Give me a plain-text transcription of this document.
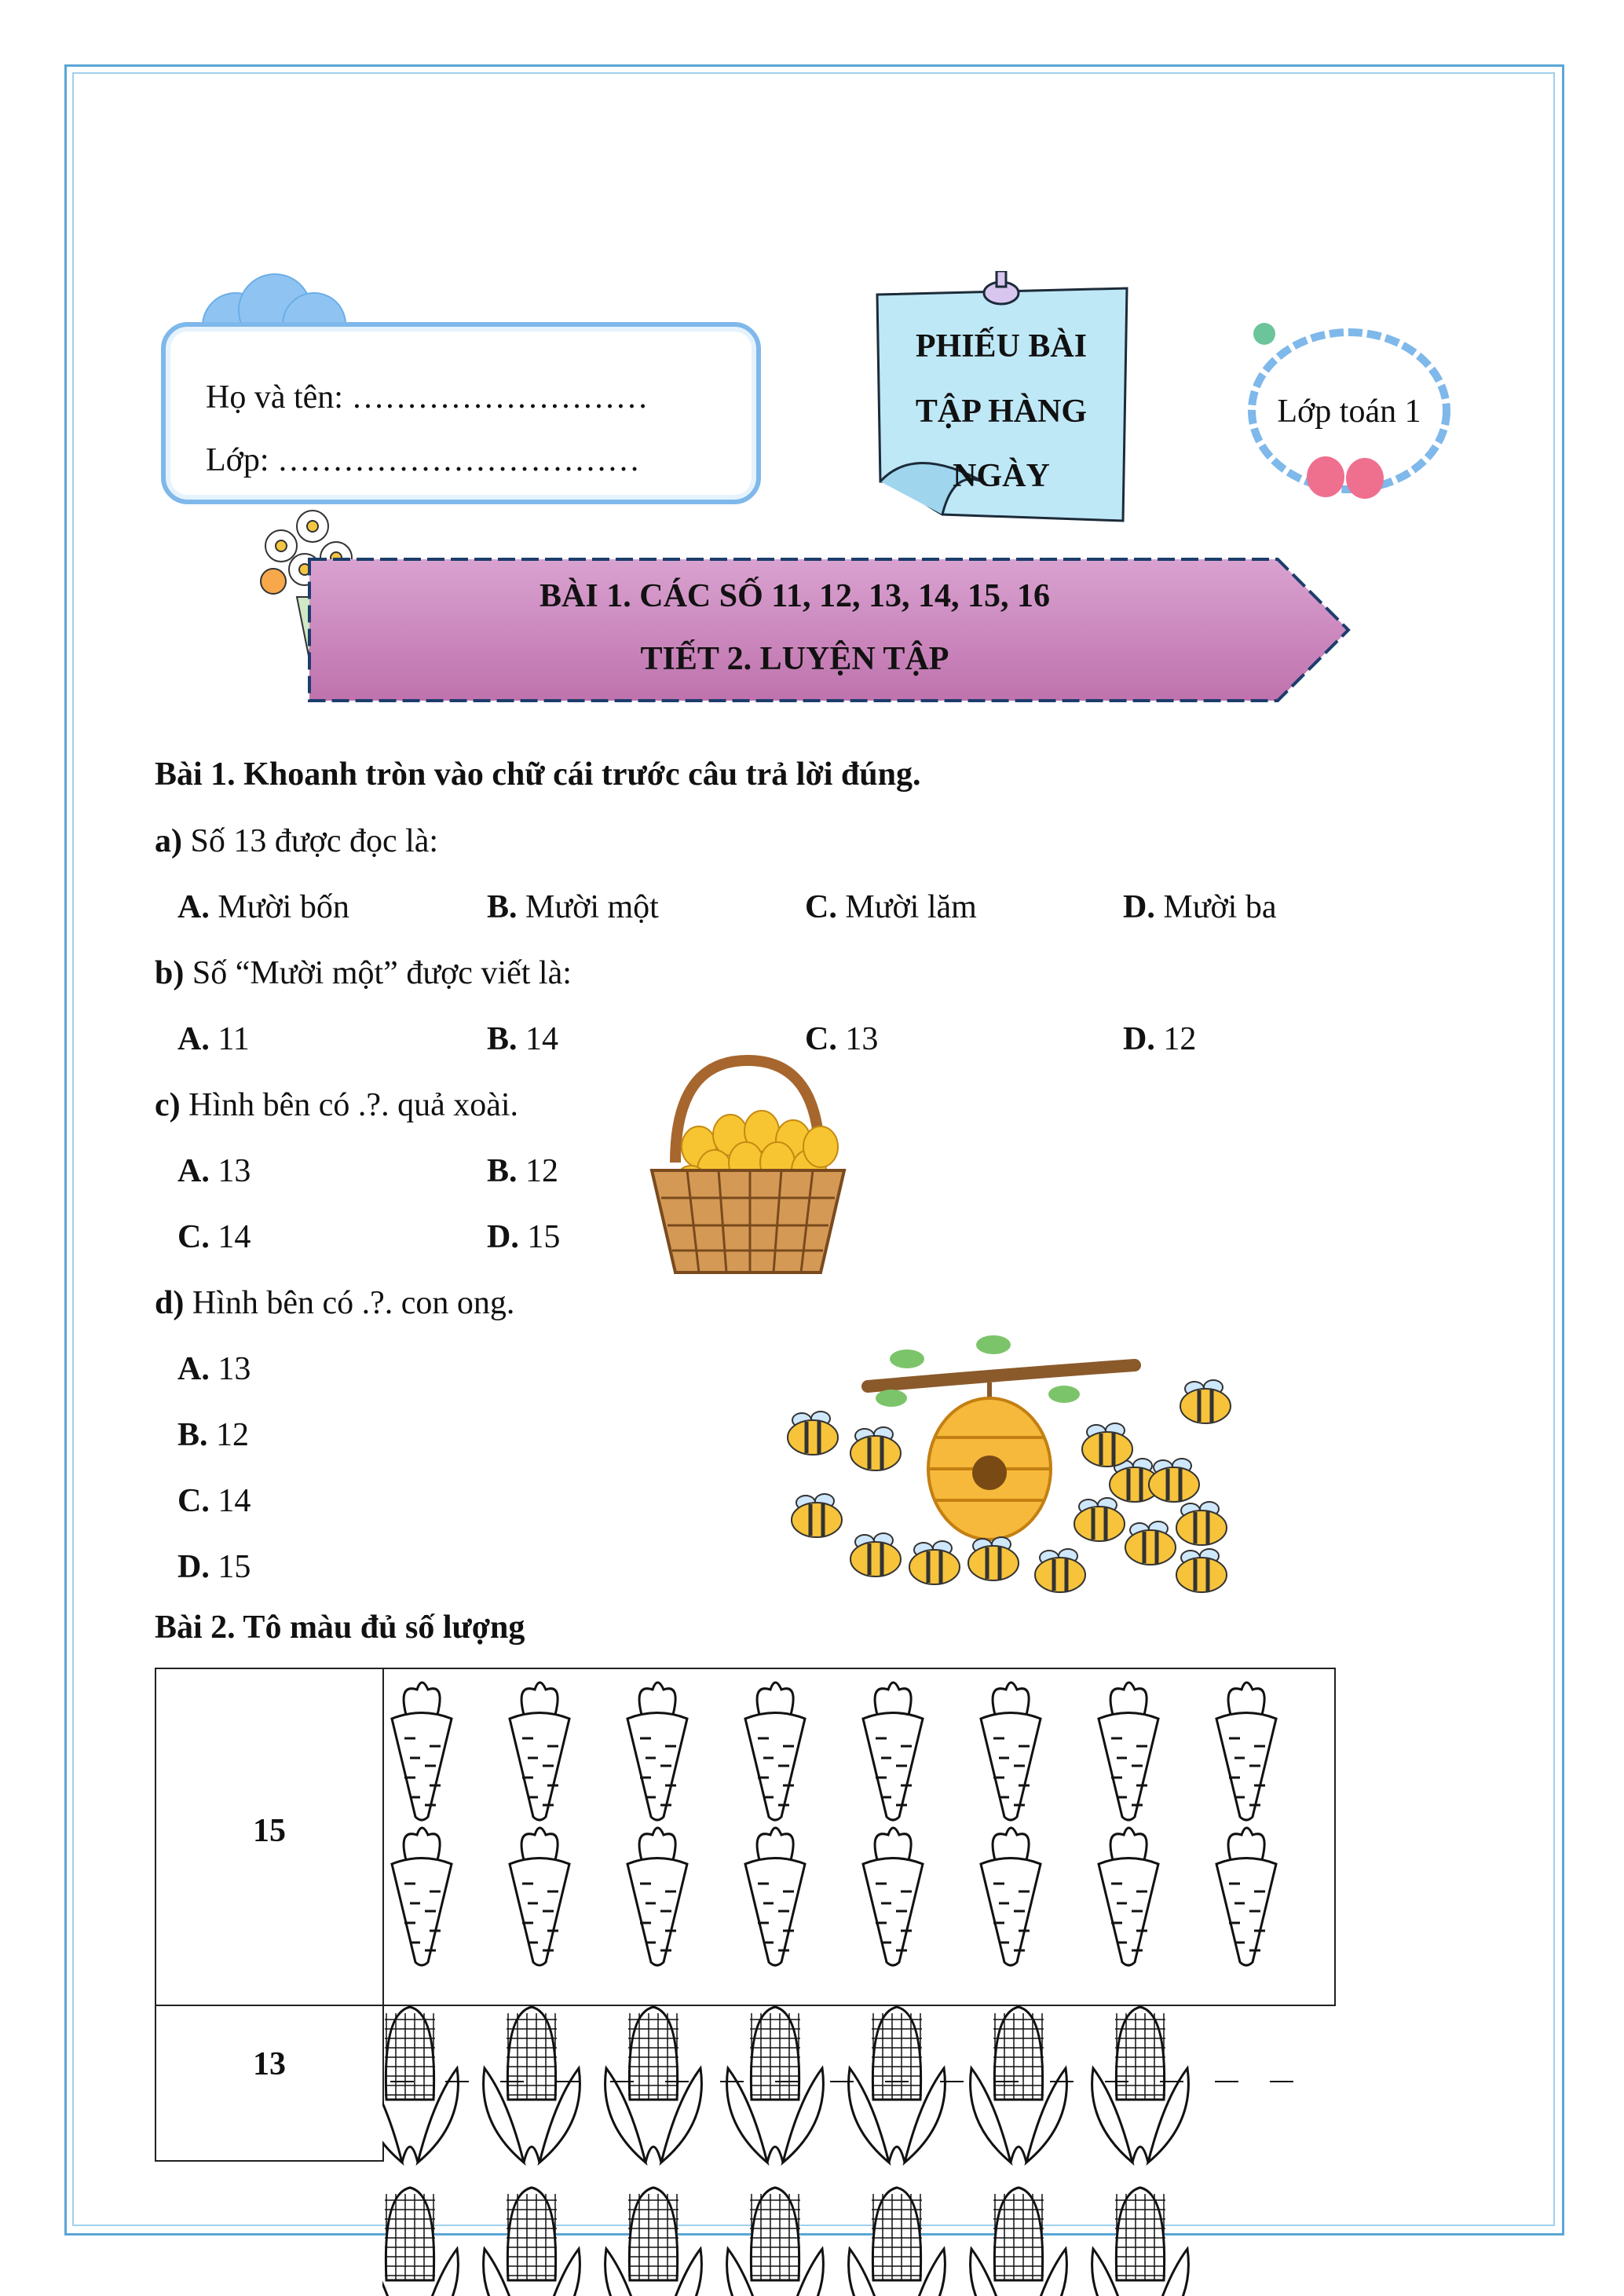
Họ và tên: ………………………
Lớp: ……………………………
PHIẾU BÀI
TẬP HÀNG
NGÀY
Lớp toán 1
BÀI 1. CÁC SỐ 11, 12, 13, 14, 15, 16
TIẾT 2. LUYỆN TẬP
Bài 1. Khoanh tròn vào chữ cái trước câu trả lời đúng.
a) Số 13 được đọc là:
A. Mười bốn	B. Mười một	C. Mười lăm	D. Mười ba
b) Số “Mười một” được viết là:
A. 11	B. 14	C. 13	D. 12
c) Hình bên có .?. quả xoài.
A. 13	B. 12
C. 14	D. 15
d) Hình bên có .?. con ong.
A. 13
B. 12
C. 14
D. 15
Bài 2. Tô màu đủ số lượng
15
13
